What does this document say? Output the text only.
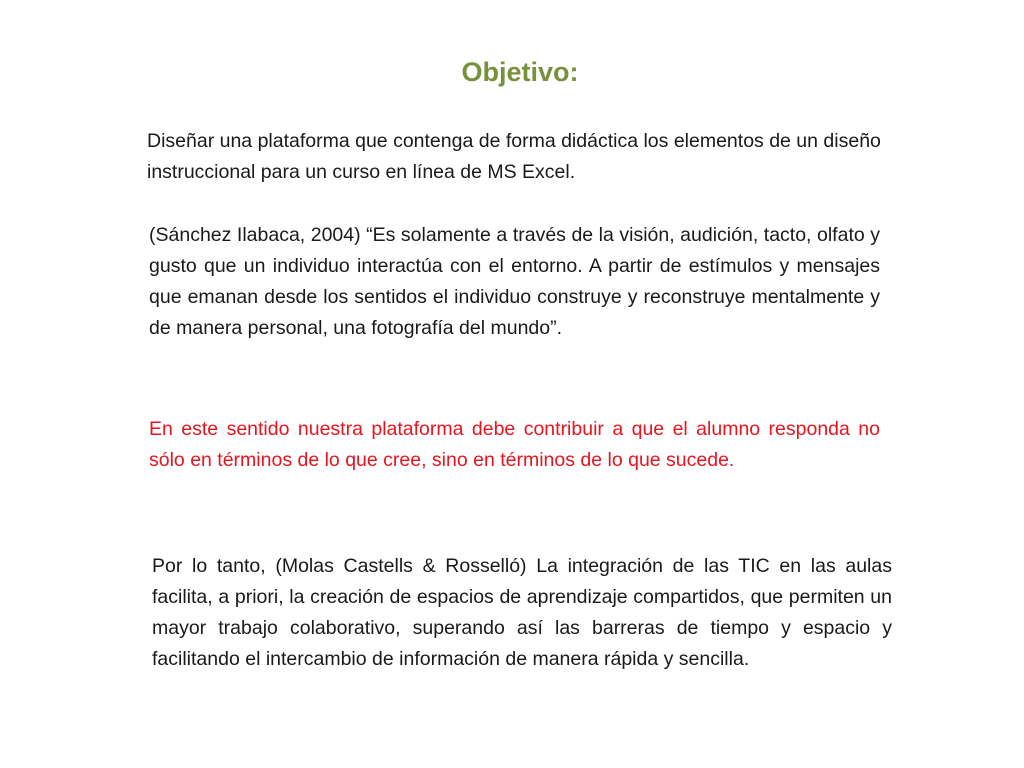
Objetivo:

Diseñar una plataforma que contenga de forma didáctica los elementos de un diseño instruccional para un curso en línea de MS Excel.

(Sánchez Ilabaca, 2004) “Es solamente a través de la visión, audición, tacto, olfato y gusto que un individuo interactúa con el entorno. A partir de estímulos y mensajes que emanan desde los sentidos el individuo construye y reconstruye mentalmente y de manera personal, una fotografía del mundo”.

En este sentido nuestra plataforma debe contribuir a que el alumno responda no sólo en términos de lo que cree, sino en términos de lo que sucede.

Por lo tanto, (Molas Castells & Rosselló) La integración de las TIC en las aulas facilita, a priori, la creación de espacios de aprendizaje compartidos, que permiten un mayor trabajo colaborativo, superando así las barreras de tiempo y espacio y facilitando el intercambio de información de manera rápida y sencilla.
